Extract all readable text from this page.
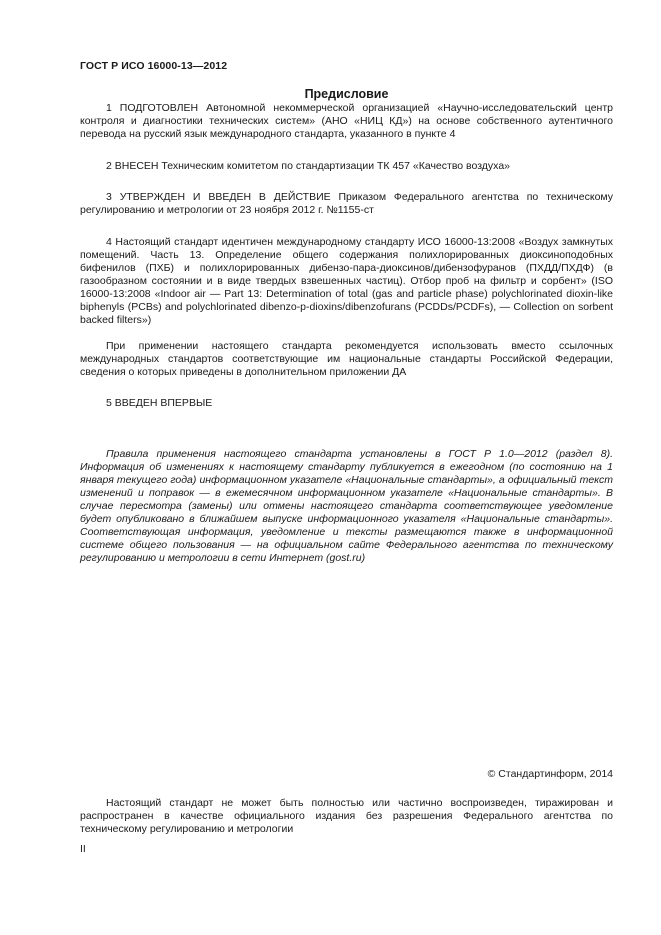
ГОСТ Р ИСО 16000-13—2012
Предисловие

1 ПОДГОТОВЛЕН Автономной некоммерческой организацией «Научно-исследовательский центр контроля и диагностики технических систем» (АНО «НИЦ КД») на основе собственного аутентичного перевода на русский язык международного стандарта, указанного в пункте 4

2 ВНЕСЕН Техническим комитетом по стандартизации ТК 457 «Качество воздуха»

3 УТВЕРЖДЕН И ВВЕДЕН В ДЕЙСТВИЕ Приказом Федерального агентства по техническому регулированию и метрологии от 23 ноября 2012 г. №1155-ст

4 Настоящий стандарт идентичен международному стандарту ИСО 16000-13:2008 «Воздух замкнутых помещений. Часть 13. Определение общего содержания полихлорированных диоксиноподобных бифенилов (ПХБ) и полихлорированных дибензо-пара-диоксинов/дибензофуранов (ПХДД/ПХДФ) (в газообразном состоянии и в виде твердых взвешенных частиц). Отбор проб на фильтр и сорбент» (ISO 16000-13:2008 «Indoor air — Part 13: Determination of total (gas and particle phase) polychlorinated dioxin-like biphenyls (PCBs) and polychlorinated dibenzo-p-dioxins/dibenzofurans (PCDDs/PCDFs), — Collection on sorbent backed filters»)

При применении настоящего стандарта рекомендуется использовать вместо ссылочных международных стандартов соответствующие им национальные стандарты Российской Федерации, сведения о которых приведены в дополнительном приложении ДА

5 ВВЕДЕН ВПЕРВЫЕ

Правила применения настоящего стандарта установлены в ГОСТ Р 1.0—2012 (раздел 8). Информация об изменениях к настоящему стандарту публикуется в ежегодном (по состоянию на 1 января текущего года) информационном указателе «Национальные стандарты», а официальный текст изменений и поправок — в ежемесячном информационном указателе «Национальные стандарты». В случае пересмотра (замены) или отмены настоящего стандарта соответствующее уведомление будет опубликовано в ближайшем выпуске информационного указателя «Национальные стандарты». Соответствующая информация, уведомление и тексты размещаются также в информационной системе общего пользования — на официальном сайте Федерального агентства по техническому регулированию и метрологии в сети Интернет (gost.ru)

© Стандартинформ, 2014

Настоящий стандарт не может быть полностью или частично воспроизведен, тиражирован и распространен в качестве официального издания без разрешения Федерального агентства по техническому регулированию и метрологии

II
